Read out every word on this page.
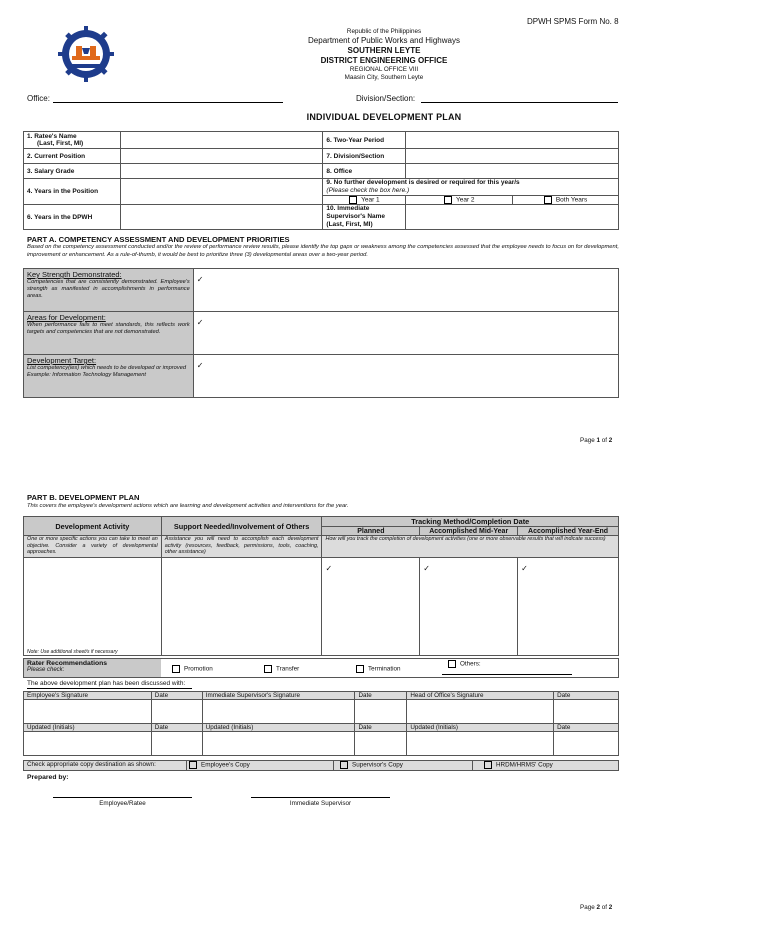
DPWH SPMS Form No. 8
Republic of the Philippines
Department of Public Works and Highways
SOUTHERN LEYTE
DISTRICT ENGINEERING OFFICE
REGIONAL OFFICE VIII
Maasin City, Southern Leyte
Office:	Division/Section:
INDIVIDUAL DEVELOPMENT PLAN
1. Ratee's Name
(Last, First, MI)		6. Two-Year Period		
2. Current Position		7. Division/Section		
3. Salary Grade		8. Office		
4. Years in the Position		9. No further development is desired or required for this year/s
(Please check the box here.)		
		Year 1	Year 2	Both Years
6. Years in the DPWH		10. Immediate
Supervisor's Name
(Last, First, MI)		
PART A. COMPETENCY ASSESSMENT AND DEVELOPMENT PRIORITIES
Based on the competency assessment conducted and/or the review of performance review results, please identify the top gaps or weakness among the competencies assessed that the employee needs to focus on for development, improvement or enhancement. As a rule-of-thumb, it would be best to prioritize three (3) developmental areas over a two-year period.
Key Strength Demonstrated:
Competencies that are consistently demonstrated. Employee's strength as manifested in accomplishments in performance areas.	✓

Areas for Development:
When performance fails to meet standards, this reflects work targets and competencies that are not demonstrated.	✓

Development Target:
List competency(ies) which needs to be developed or improved
Example: Information Technology Management	✓
Page 1 of 2
PART B. DEVELOPMENT PLAN
This covers the employee's development actions which are learning and development activities and interventions for the year.
Development Activity	Support Needed/Involvement of Others	Tracking Method/Completion Date		
		Planned	Accomplished Mid-Year	Accomplished Year-End
One or more specific actions you can take to meet an objective. Consider a variety of developmental approaches.	Assistance you will need to accomplish each development activity (resources, feedback, permissions, tools, coaching, other assistance)	How will you track the completion of development activities (one or more observable results that will indicate success)		

Note: Use additional sheet/s if necessary		✓	✓	✓
Rater Recommendations
Please check:	Promotion	Transfer	Termination
Others:
The above development plan has been discussed with:
Employee's Signature	Date	Immediate Supervisor's Signature	Date	Head of Office's Signature	Date

Updated (Initials)	Date	Updated (Initials)	Date	Updated (Initials)	Date

Check appropriate copy destination as shown:	Employee's Copy	Supervisor's Copy	HRDM/HRMS' Copy
Prepared by:
Employee/Ratee	Immediate Supervisor
Page 2 of 2
